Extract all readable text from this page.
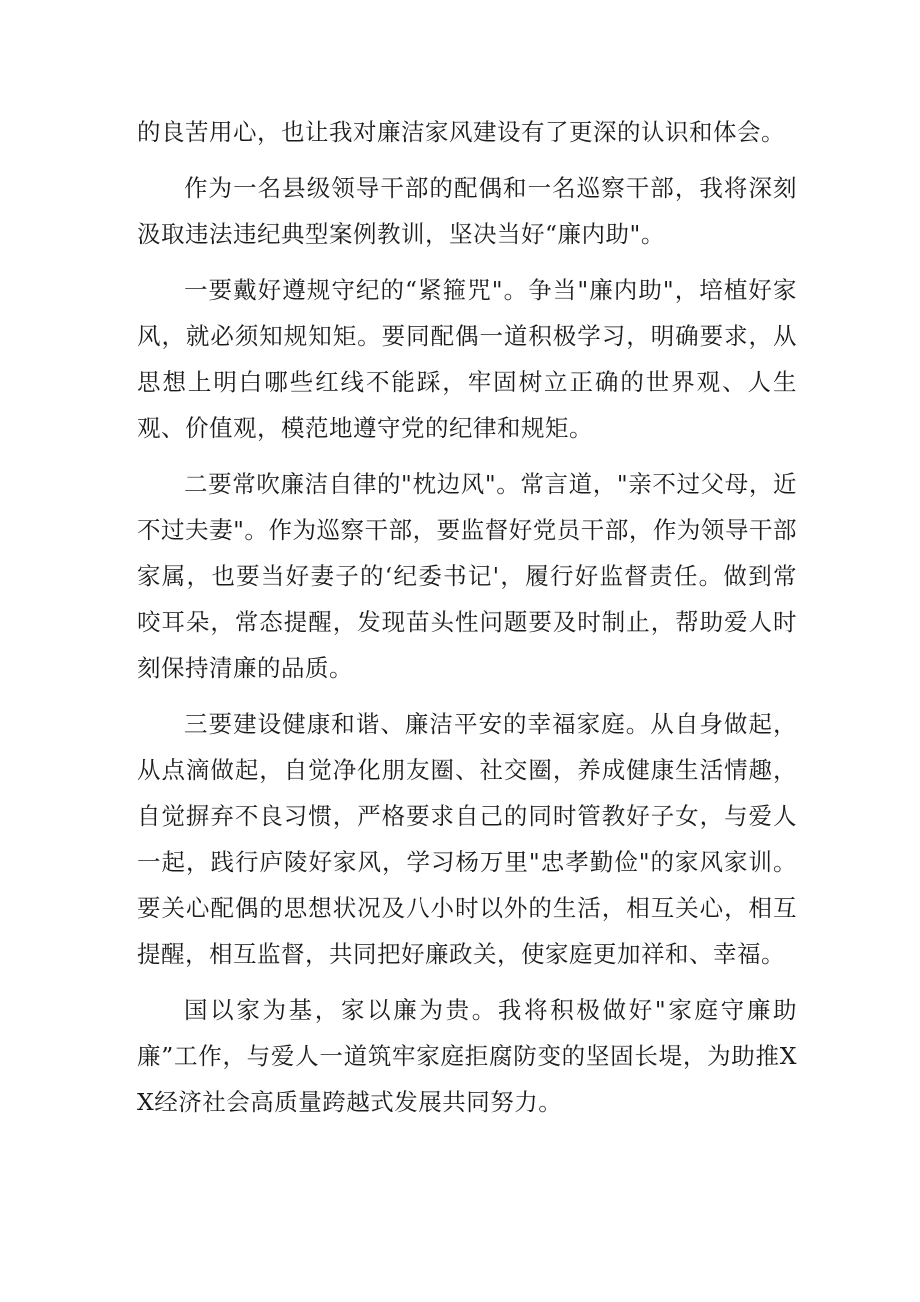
的良苦用心，也让我对廉洁家风建设有了更深的认识和体会。

作为一名县级领导干部的配偶和一名巡察干部，我将深刻汲取违法违纪典型案例教训，坚决当好“廉内助"。

一要戴好遵规守纪的“紧箍咒"。争当"廉内助"，培植好家风，就必须知规知矩。要同配偶一道积极学习，明确要求，从思想上明白哪些红线不能踩，牢固树立正确的世界观、人生观、价值观，模范地遵守党的纪律和规矩。

二要常吹廉洁自律的"枕边风"。常言道，"亲不过父母，近不过夫妻"。作为巡察干部，要监督好党员干部，作为领导干部家属，也要当好妻子的‘纪委书记'，履行好监督责任。做到常咬耳朵，常态提醒，发现苗头性问题要及时制止，帮助爱人时刻保持清廉的品质。

三要建设健康和谐、廉洁平安的幸福家庭。从自身做起，从点滴做起，自觉净化朋友圈、社交圈，养成健康生活情趣，自觉摒弃不良习惯，严格要求自己的同时管教好子女，与爱人一起，践行庐陵好家风，学习杨万里"忠孝勤俭"的家风家训。要关心配偶的思想状况及八小时以外的生活，相互关心，相互提醒，相互监督，共同把好廉政关，使家庭更加祥和、幸福。

国以家为基，家以廉为贵。我将积极做好"家庭守廉助廉”工作，与爱人一道筑牢家庭拒腐防变的坚固长堤，为助推XX经济社会高质量跨越式发展共同努力。
